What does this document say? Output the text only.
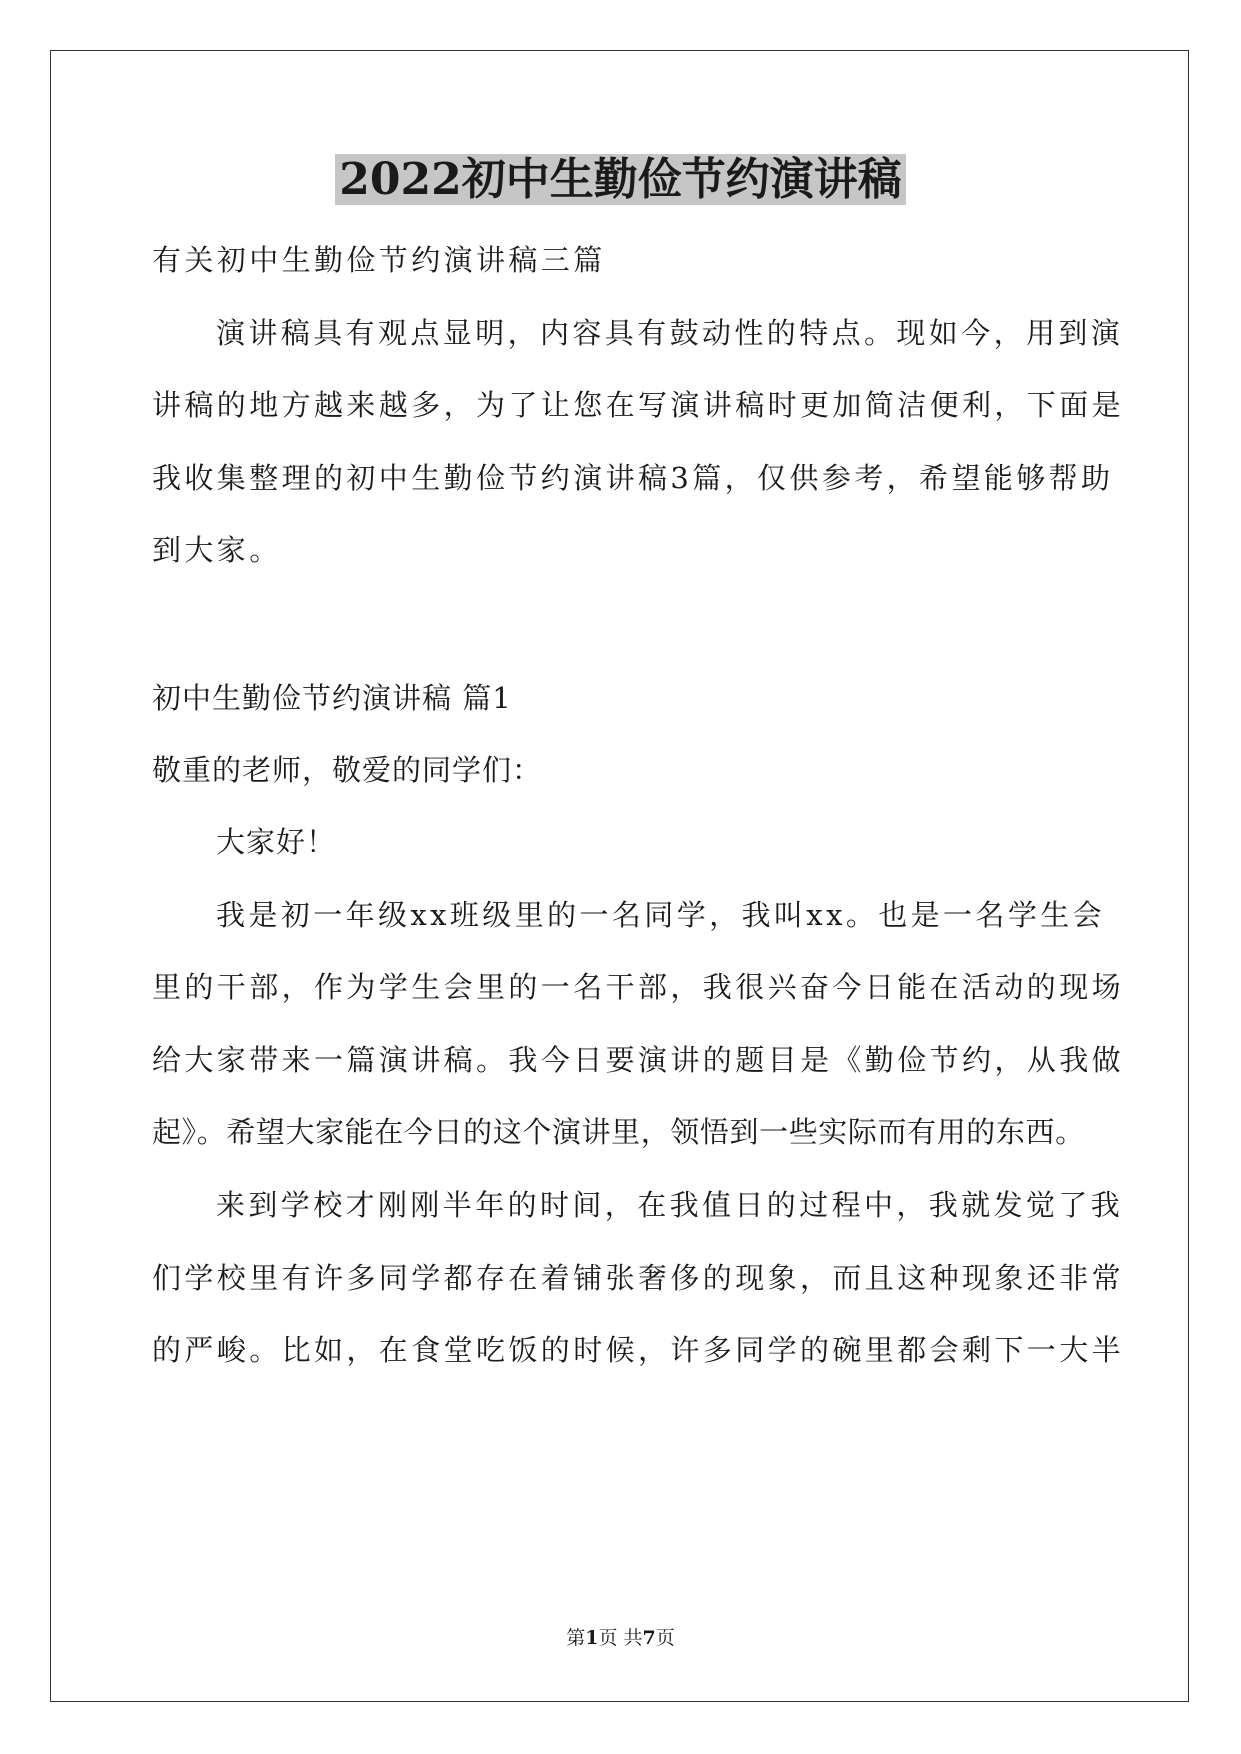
2022初中生勤俭节约演讲稿
有关初中生勤俭节约演讲稿三篇
演讲稿具有观点显明，内容具有鼓动性的特点。现如今，用到演
讲稿的地方越来越多，为了让您在写演讲稿时更加简洁便利，下面是
我收集整理的初中生勤俭节约演讲稿3篇，仅供参考，希望能够帮助
到大家。
初中生勤俭节约演讲稿 篇1
敬重的老师，敬爱的同学们：
大家好！
我是初一年级xx班级里的一名同学，我叫xx。也是一名学生会
里的干部，作为学生会里的一名干部，我很兴奋今日能在活动的现场
给大家带来一篇演讲稿。我今日要演讲的题目是《勤俭节约，从我做
起》。希望大家能在今日的这个演讲里，领悟到一些实际而有用的东西。
来到学校才刚刚半年的时间，在我值日的过程中，我就发觉了我
们学校里有许多同学都存在着铺张奢侈的现象，而且这种现象还非常
的严峻。比如，在食堂吃饭的时候，许多同学的碗里都会剩下一大半
第1页 共7页
